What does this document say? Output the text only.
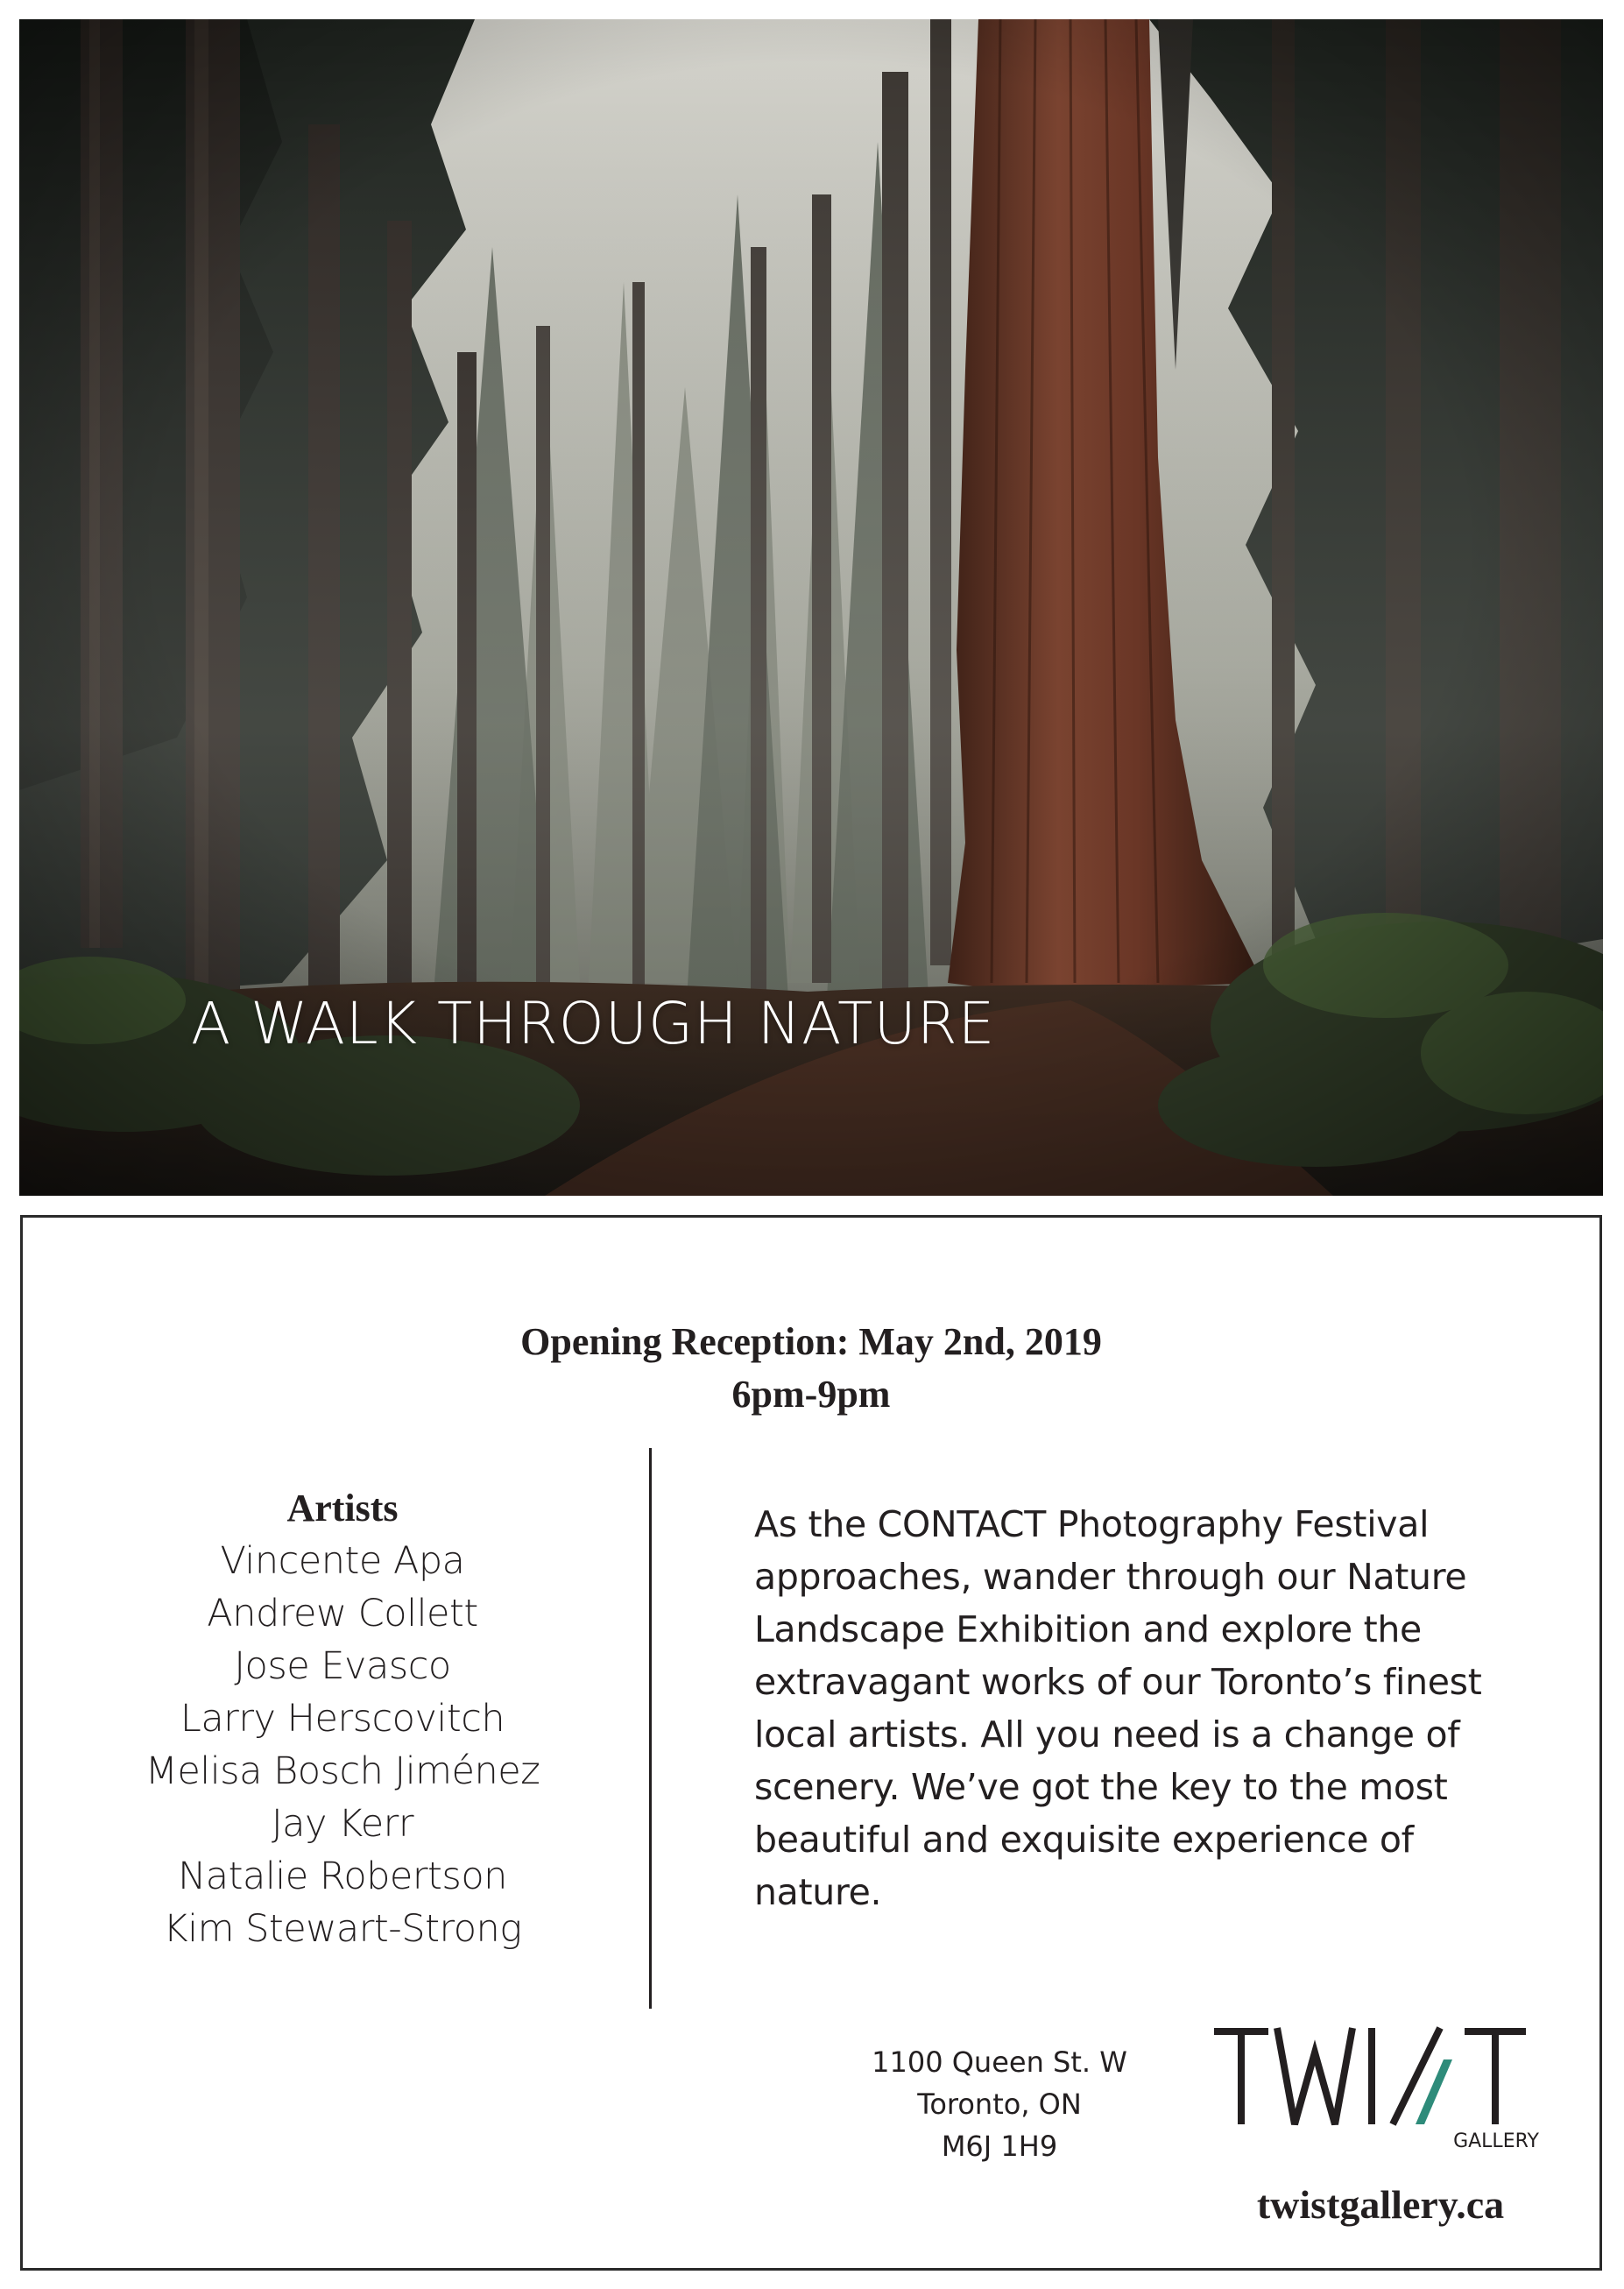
A WALK THROUGH NATURE
Opening Reception: May 2nd, 2019
6pm-9pm
Artists
Vincente Apa
Andrew Collett
Jose Evasco
Larry Herscovitch
Melisa Bosch Jiménez
Jay Kerr
Natalie Robertson
Kim Stewart-Strong
As the CONTACT Photography Festival approaches, wander through our Nature Landscape Exhibition and explore the extravagant works of our Toronto’s finest local artists. All you need is a change of scenery. We’ve got the key to the most beautiful and exquisite experience of nature.
1100 Queen St. W
Toronto, ON
M6J 1H9
TWIST
GALLERY
twistgallery.ca
